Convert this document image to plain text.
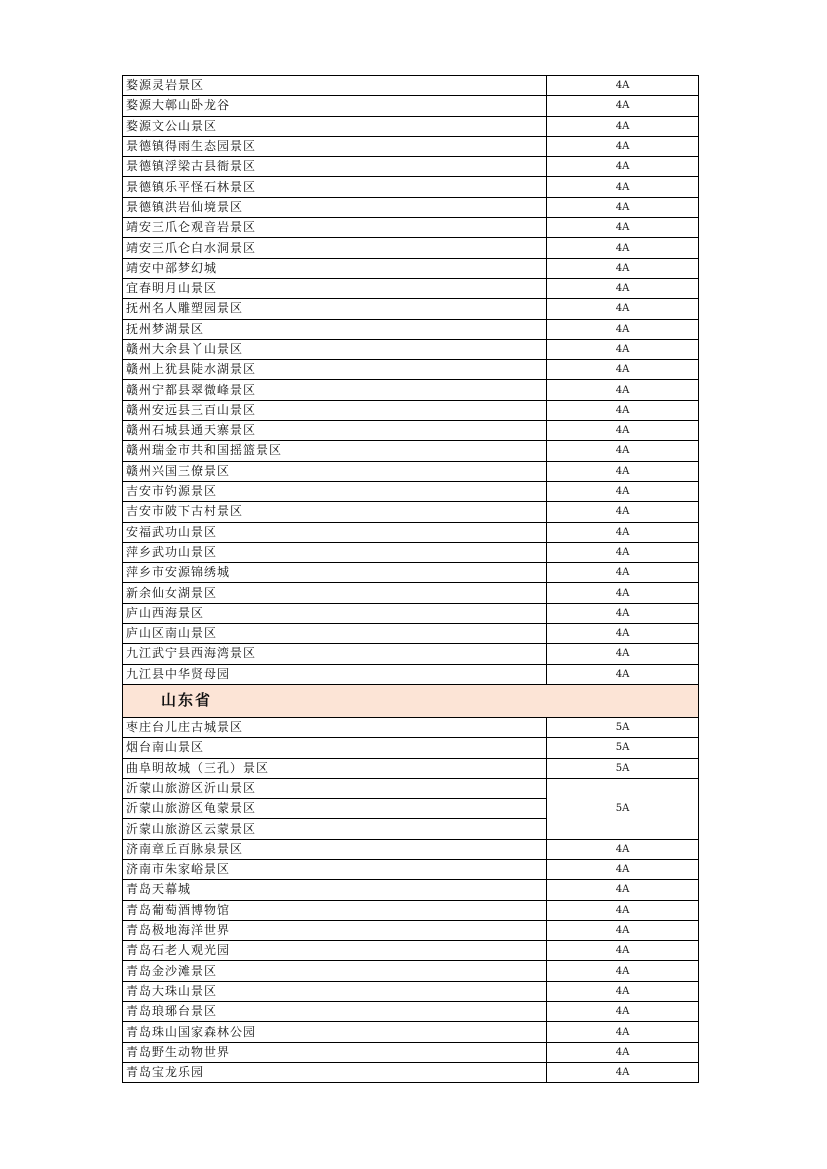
婺源灵岩景区	4A
婺源大鄣山卧龙谷	4A
婺源文公山景区	4A
景德镇得雨生态园景区	4A
景德镇浮梁古县衙景区	4A
景德镇乐平怪石林景区	4A
景德镇洪岩仙境景区	4A
靖安三爪仑观音岩景区	4A
靖安三爪仑白水洞景区	4A
靖安中部梦幻城	4A
宜春明月山景区	4A
抚州名人雕塑园景区	4A
抚州梦湖景区	4A
赣州大余县丫山景区	4A
赣州上犹县陡水湖景区	4A
赣州宁都县翠微峰景区	4A
赣州安远县三百山景区	4A
赣州石城县通天寨景区	4A
赣州瑞金市共和国摇篮景区	4A
赣州兴国三僚景区	4A
吉安市钓源景区	4A
吉安市陂下古村景区	4A
安福武功山景区	4A
萍乡武功山景区	4A
萍乡市安源锦绣城	4A
新余仙女湖景区	4A
庐山西海景区	4A
庐山区南山景区	4A
九江武宁县西海湾景区	4A
九江县中华贤母园	4A
山东省	
枣庄台儿庄古城景区	5A
烟台南山景区	5A
曲阜明故城（三孔）景区	5A
沂蒙山旅游区沂山景区	5A
沂蒙山旅游区龟蒙景区	
沂蒙山旅游区云蒙景区	
济南章丘百脉泉景区	4A
济南市朱家峪景区	4A
青岛天幕城	4A
青岛葡萄酒博物馆	4A
青岛极地海洋世界	4A
青岛石老人观光园	4A
青岛金沙滩景区	4A
青岛大珠山景区	4A
青岛琅琊台景区	4A
青岛珠山国家森林公园	4A
青岛野生动物世界	4A
青岛宝龙乐园	4A
